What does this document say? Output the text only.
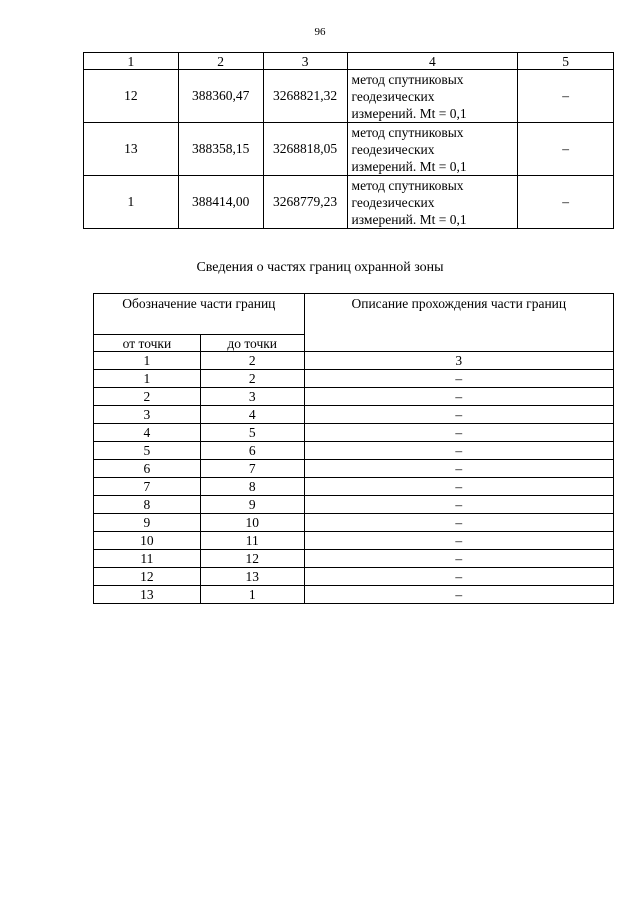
96
1	2	3	4	5
12	388360,47	3268821,32	метод спутниковых
геодезических
измерений. Mt = 0,1	–
13	388358,15	3268818,05	метод спутниковых
геодезических
измерений. Mt = 0,1	–
1	388414,00	3268779,23	метод спутниковых
геодезических
измерений. Mt = 0,1	–
Сведения о частях границ охранной зоны
Обозначение части границ		Описание прохождения части границ
от точки	до точки	
1	2	3
1	2	–
2	3	–
3	4	–
4	5	–
5	6	–
6	7	–
7	8	–
8	9	–
9	10	–
10	11	–
11	12	–
12	13	–
13	1	–
